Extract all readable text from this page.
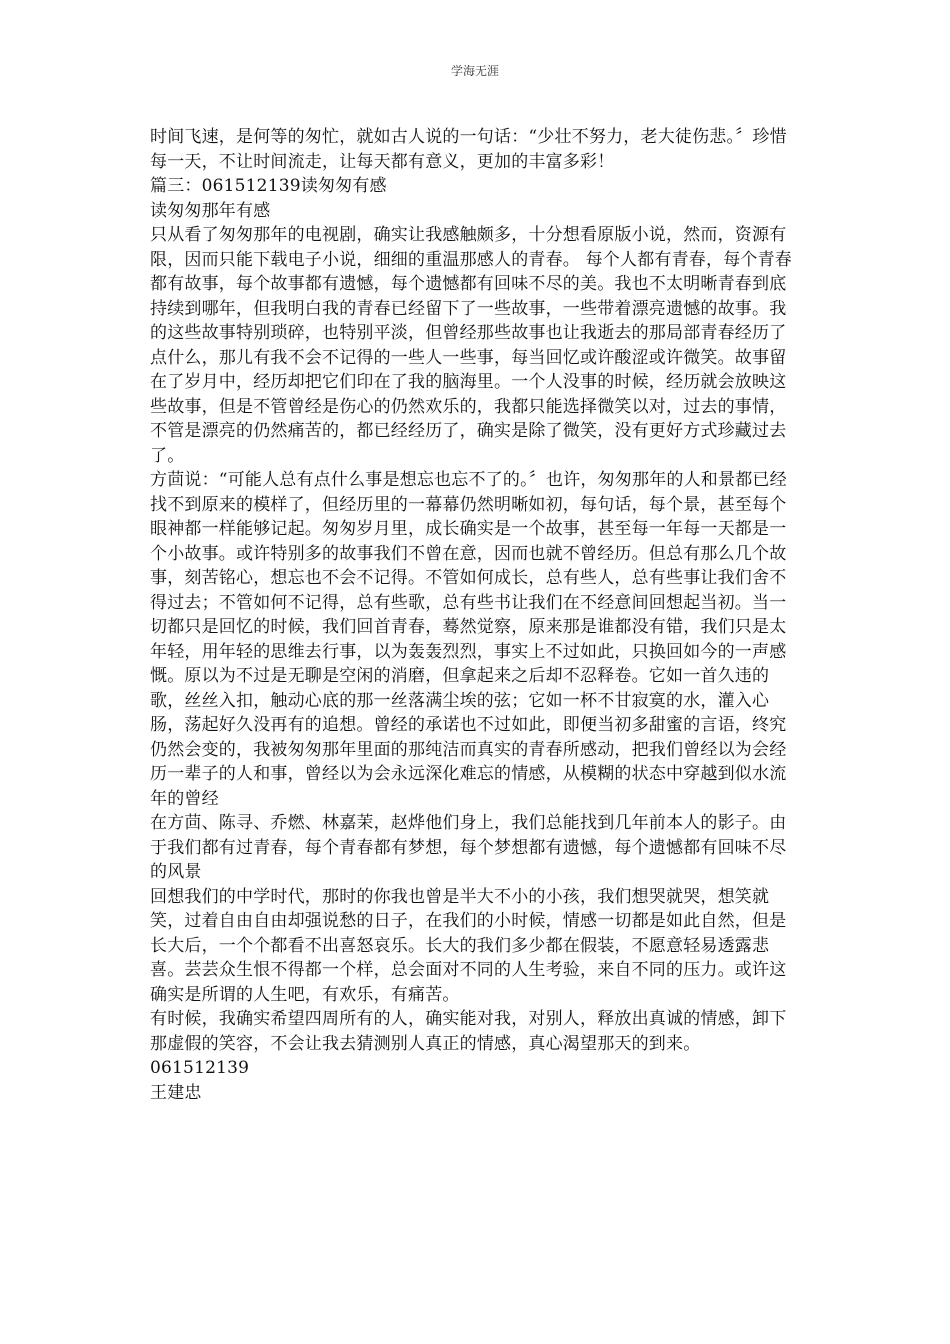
学海无涯

时间飞速，是何等的匆忙，就如古人说的一句话：“少壮不努力，老大徒伤悲。〞珍惜每一天，不让时间流走，让每天都有意义，更加的丰富多彩！

篇三：061512139读匆匆有感

读匆匆那年有感

只从看了匆匆那年的电视剧，确实让我感触颇多，十分想看原版小说，然而，资源有限，因而只能下载电子小说，细细的重温那感人的青春。 每个人都有青春，每个青春都有故事，每个故事都有遗憾，每个遗憾都有回味不尽的美。我也不太明晰青春到底持续到哪年，但我明白我的青春已经留下了一些故事，一些带着漂亮遗憾的故事。我的这些故事特别琐碎，也特别平淡，但曾经那些故事也让我逝去的那局部青春经历了点什么，那儿有我不会不记得的一些人一些事，每当回忆或许酸涩或许微笑。故事留在了岁月中，经历却把它们印在了我的脑海里。一个人没事的时候，经历就会放映这些故事，但是不管曾经是伤心的仍然欢乐的，我都只能选择微笑以对，过去的事情，不管是漂亮的仍然痛苦的，都已经经历了，确实是除了微笑，没有更好方式珍藏过去了。

方茴说：“可能人总有点什么事是想忘也忘不了的。〞也许，匆匆那年的人和景都已经找不到原来的模样了，但经历里的一幕幕仍然明晰如初，每句话，每个景，甚至每个眼神都一样能够记起。匆匆岁月里，成长确实是一个故事，甚至每一年每一天都是一个小故事。或许特别多的故事我们不曾在意，因而也就不曾经历。但总有那么几个故事，刻苦铭心，想忘也不会不记得。不管如何成长，总有些人，总有些事让我们舍不得过去；不管如何不记得，总有些歌，总有些书让我们在不经意间回想起当初。当一切都只是回忆的时候，我们回首青春，蓦然觉察，原来那是谁都没有错，我们只是太年轻，用年轻的思维去行事，以为轰轰烈烈，事实上不过如此，只换回如今的一声感慨。原以为不过是无聊是空闲的消磨，但拿起来之后却不忍释卷。它如一首久违的歌，丝丝入扣，触动心底的那一丝落满尘埃的弦；它如一杯不甘寂寞的水，灌入心肠，荡起好久没再有的追想。曾经的承诺也不过如此，即便当初多甜蜜的言语，终究仍然会变的，我被匆匆那年里面的那纯洁而真实的青春所感动，把我们曾经以为会经历一辈子的人和事，曾经以为会永远深化难忘的情感，从模糊的状态中穿越到似水流年的曾经

在方茴、陈寻、乔燃、林嘉茉，赵烨他们身上，我们总能找到几年前本人的影子。由于我们都有过青春，每个青春都有梦想，每个梦想都有遗憾，每个遗憾都有回味不尽的风景

回想我们的中学时代，那时的你我也曾是半大不小的小孩，我们想哭就哭，想笑就笑，过着自由自由却强说愁的日子，在我们的小时候，情感一切都是如此自然，但是长大后，一个个都看不出喜怒哀乐。长大的我们多少都在假装，不愿意轻易透露悲喜。芸芸众生恨不得都一个样，总会面对不同的人生考验，来自不同的压力。或许这确实是所谓的人生吧，有欢乐，有痛苦。

有时候，我确实希望四周所有的人，确实能对我，对别人，释放出真诚的情感，卸下那虚假的笑容，不会让我去猜测别人真正的情感，真心渴望那天的到来。

061512139

王建忠
